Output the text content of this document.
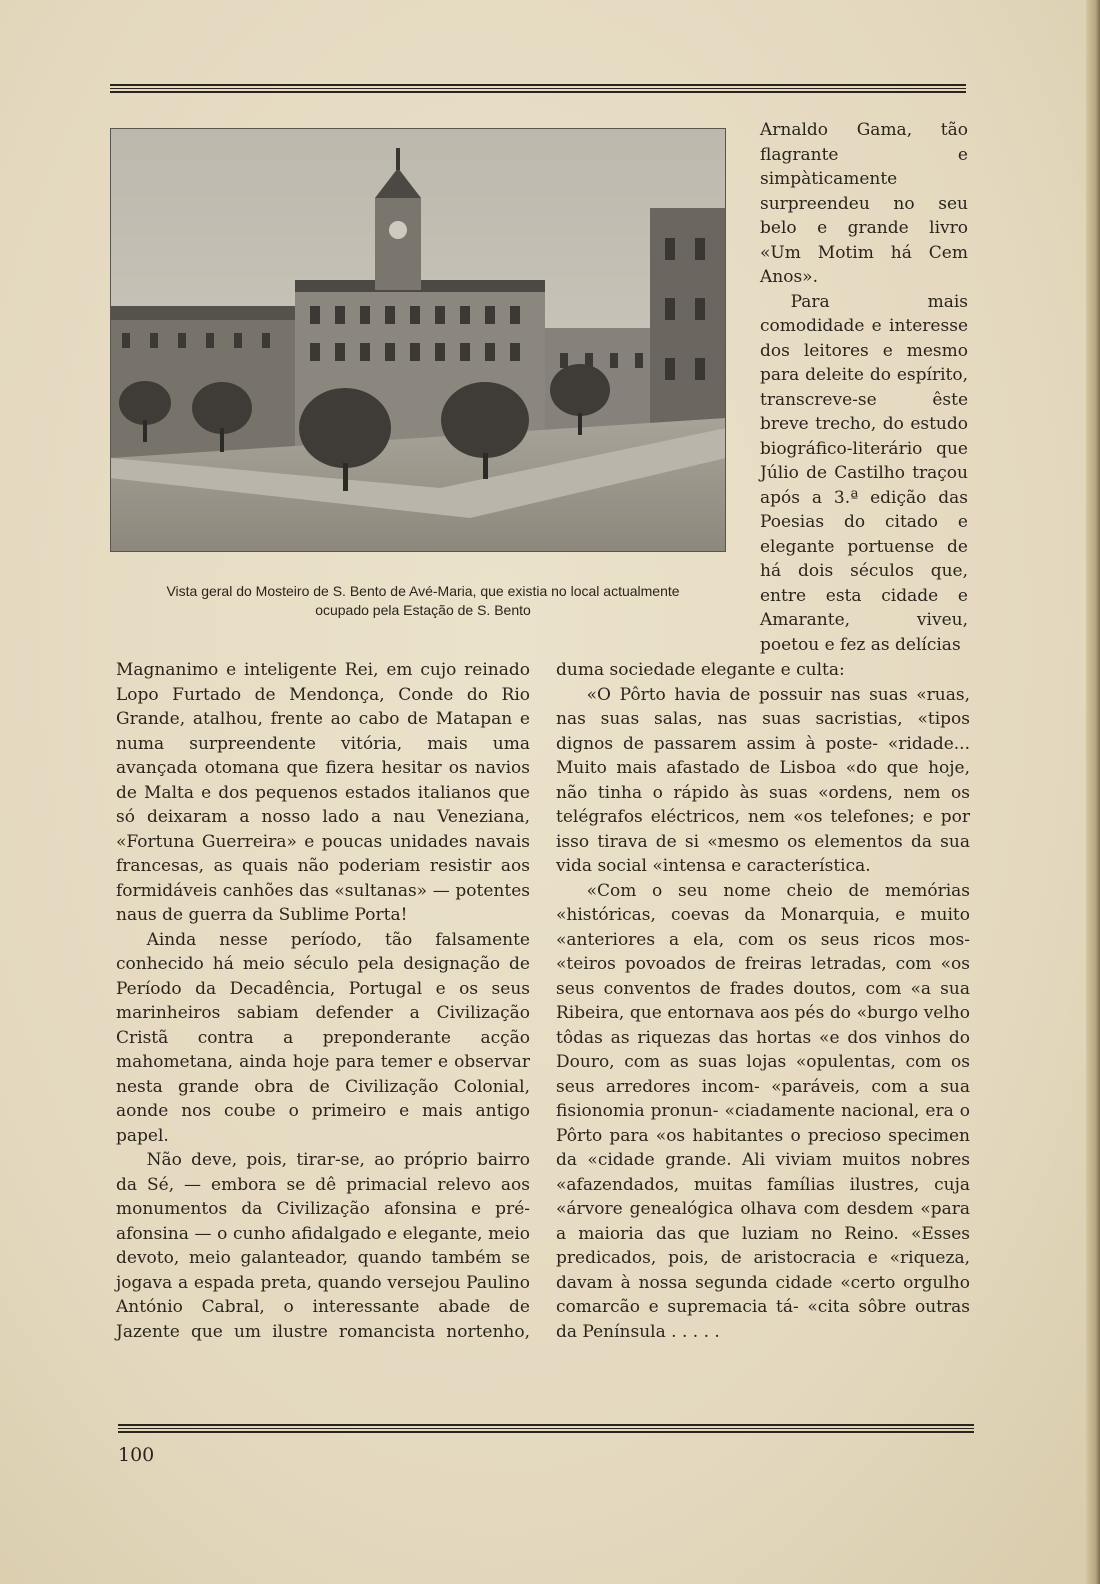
Vista geral do Mosteiro de S. Bento de Avé-Maria, que existia no local actualmente
ocupado pela Estação de S. Bento

Arnaldo Gama, tão flagrante e simpàticamente surpreendeu no seu belo e grande livro «Um Motim há Cem Anos».

Para mais comodidade e interesse dos leitores e mesmo para deleite do espírito, transcreve-se êste breve trecho, do estudo biográfico-literário que Júlio de Castilho traçou após a 3.ª edição das Poesias do citado e elegante portuense de há dois séculos que, entre esta cidade e Amarante, viveu, poetou e fez as delícias

Magnanimo e inteligente Rei, em cujo reinado Lopo Furtado de Mendonça, Conde do Rio Grande, atalhou, frente ao cabo de Matapan e numa surpreendente vitória, mais uma avançada otomana que fizera hesitar os navios de Malta e dos pequenos estados italianos que só deixaram a nosso lado a nau Veneziana, «Fortuna Guerreira» e poucas unidades navais francesas, as quais não poderiam resistir aos formidáveis canhões das «sultanas» — potentes naus de guerra da Sublime Porta!

Ainda nesse período, tão falsamente conhecido há meio século pela designação de Período da Decadência, Portugal e os seus marinheiros sabiam defender a Civilização Cristã contra a preponderante acção mahometana, ainda hoje para temer e observar nesta grande obra de Civilização Colonial, aonde nos coube o primeiro e mais antigo papel.

Não deve, pois, tirar-se, ao próprio bairro da Sé, — embora se dê primacial relevo aos monumentos da Civilização afonsina e pré-afonsina — o cunho afidalgado e elegante, meio devoto, meio galanteador, quando também se jogava a espada preta, quando versejou Paulino António Cabral, o interessante abade de Jazente que um ilustre romancista nortenho,

duma sociedade elegante e culta:

«O Pôrto havia de possuir nas suas «ruas, nas suas salas, nas suas sacristias, «tipos dignos de passarem assim à poste- «ridade... Muito mais afastado de Lisboa «do que hoje, não tinha o rápido às suas «ordens, nem os telégrafos eléctricos, nem «os telefones; e por isso tirava de si «mesmo os elementos da sua vida social «intensa e característica.

«Com o seu nome cheio de memórias «históricas, coevas da Monarquia, e muito «anteriores a ela, com os seus ricos mos- «teiros povoados de freiras letradas, com «os seus conventos de frades doutos, com «a sua Ribeira, que entornava aos pés do «burgo velho tôdas as riquezas das hortas «e dos vinhos do Douro, com as suas lojas «opulentas, com os seus arredores incom- «paráveis, com a sua fisionomia pronun- «ciadamente nacional, era o Pôrto para «os habitantes o precioso specimen da «cidade grande. Ali viviam muitos nobres «afazendados, muitas famílias ilustres, cuja «árvore genealógica olhava com desdem «para a maioria das que luziam no Reino. «Esses predicados, pois, de aristocracia e «riqueza, davam à nossa segunda cidade «certo orgulho comarcão e supremacia tá- «cita sôbre outras da Península . . . . .

100
